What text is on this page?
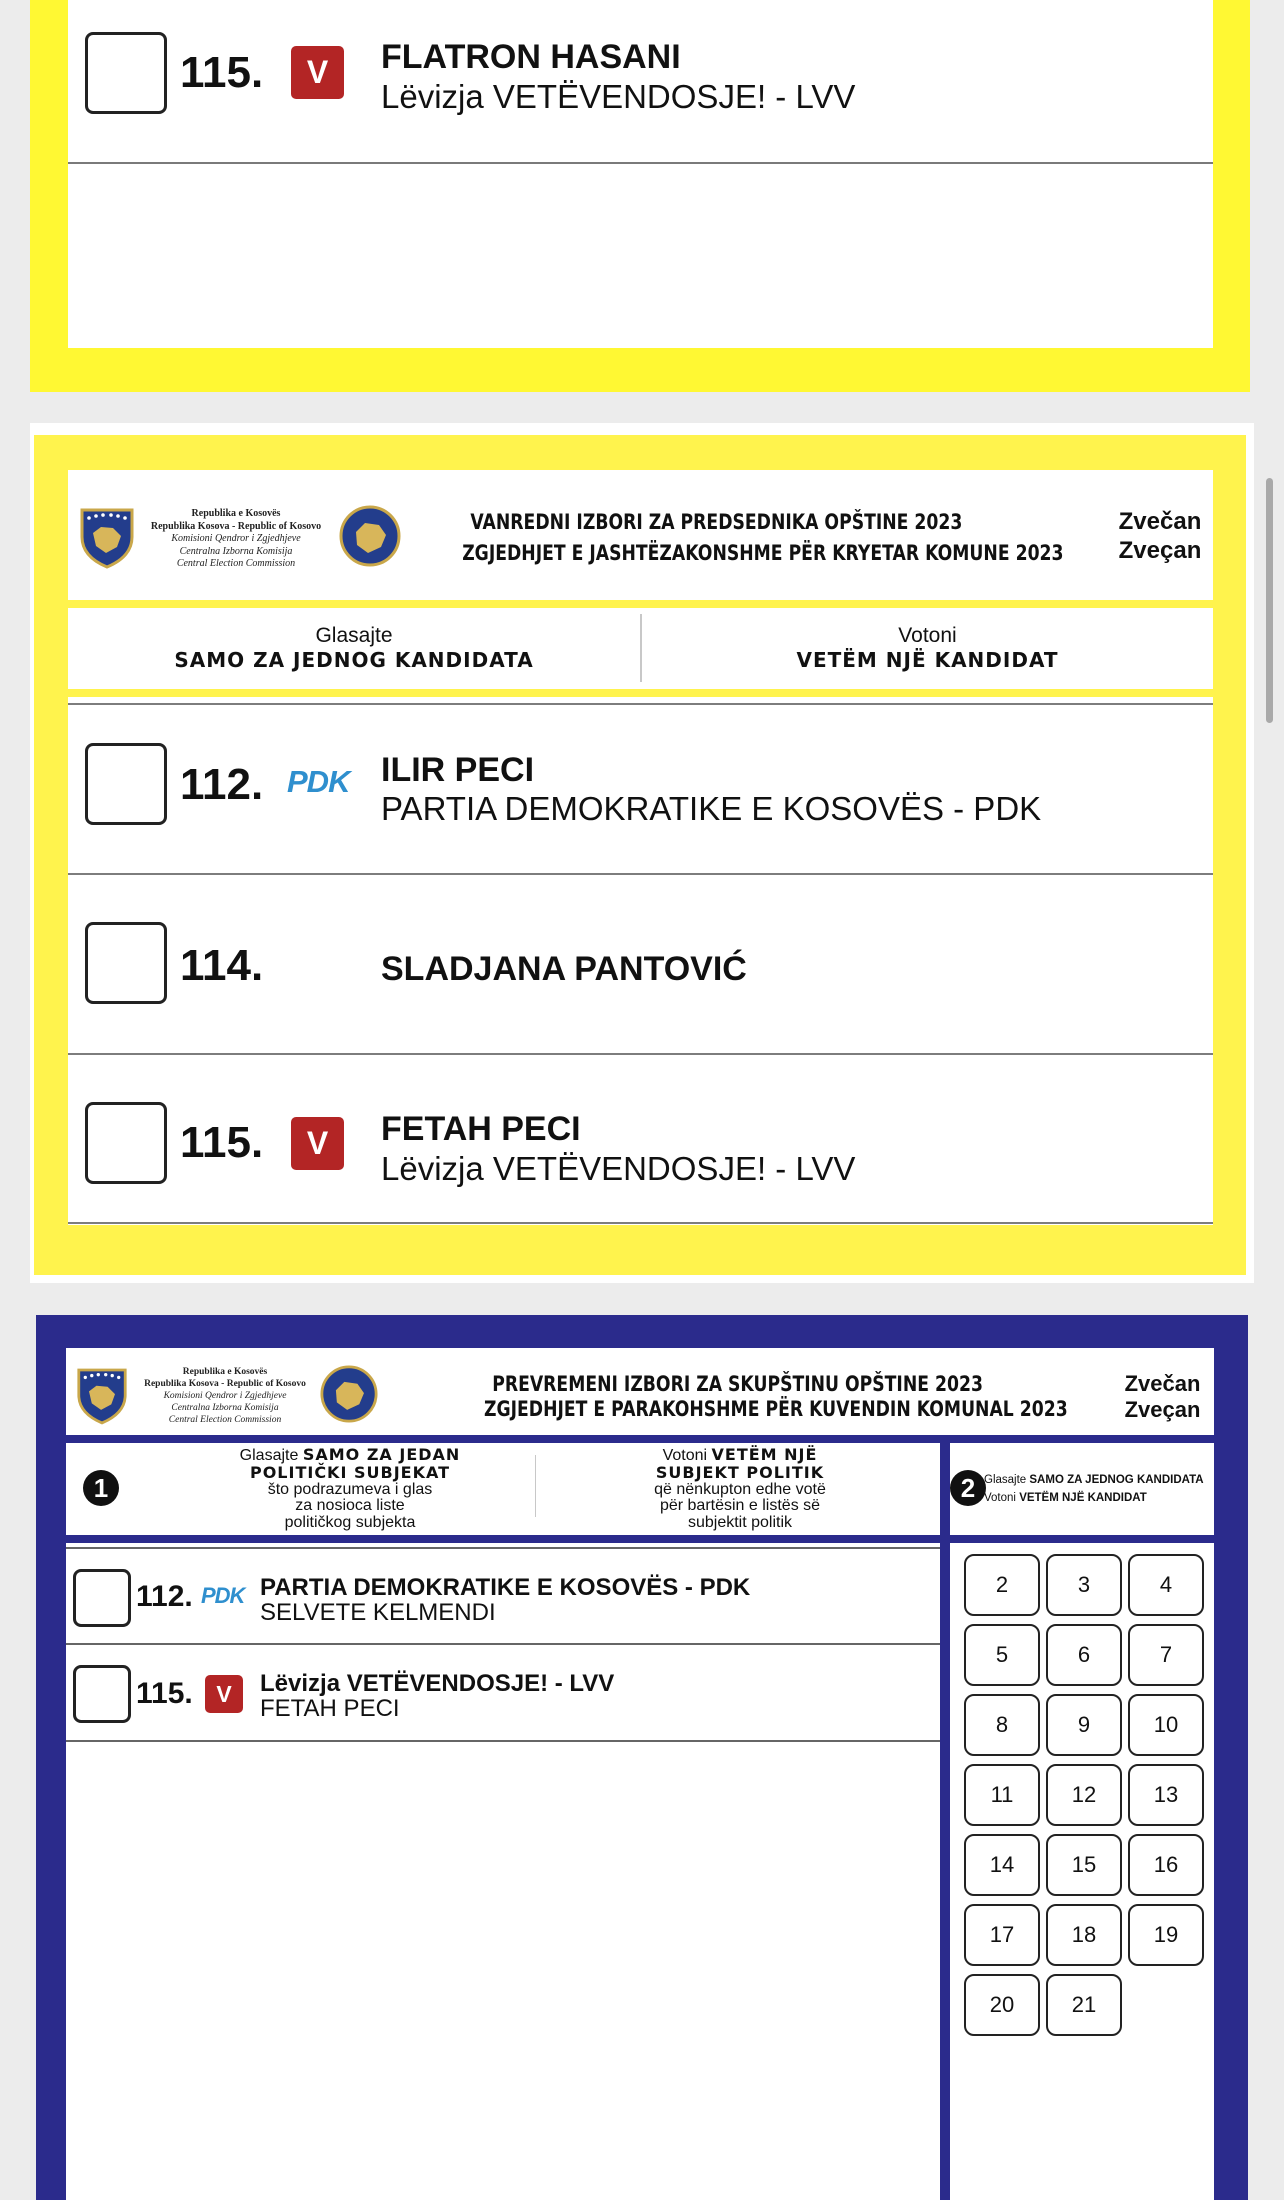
115.	V	FLATRON HASANI
Lëvizja VETËVENDOSJE! - LVV
Republika e Kosovës
Republika Kosova - Republic of Kosovo
Komisioni Qendror i Zgjedhjeve
Centralna Izborna Komisija
Central Election Commission
VANREDNI IZBORI ZA PREDSEDNIKA OPŠTINE 2023
ZGJEDHJET E JASHTËZAKONSHME PËR KRYETAR KOMUNE 2023
Zvečan
Zveçan
Glasajte
SAMO ZA JEDNOG KANDIDATA
Votoni
VETËM NJË KANDIDAT
112. PDK ILIR PECI
PARTIA DEMOKRATIKE E KOSOVËS - PDK
114.	SLADJANA PANTOVIĆ
115.	V	FETAH PECI
Lëvizja VETËVENDOSJE! - LVV
Republika e Kosovës
Republika Kosova - Republic of Kosovo
Komisioni Qendror i Zgjedhjeve
Centralna Izborna Komisija
Central Election Commission
PREVREMENI IZBORI ZA SKUPŠTINU OPŠTINE 2023
ZGJEDHJET E PARAKOHSHME PËR KUVENDIN KOMUNAL 2023
Zvečan
Zveçan
1
Glasajte SAMO ZA JEDAN
POLITIČKI SUBJEKAT
što podrazumeva i glas
za nosioca liste
političkog subjekta
Votoni VETËM NJË
SUBJEKT POLITIK
që nënkupton edhe votë
për bartësin e listës së
subjektit politik
2 Glasajte SAMO ZA JEDNOG KANDIDATA
Votoni VETËM NJË KANDIDAT
112. PDK PARTIA DEMOKRATIKE E KOSOVËS - PDK
SELVETE KELMENDI
115.	V	Lëvizja VETËVENDOSJE! - LVV
FETAH PECI
2	3	4
5	6	7
8	9	10
11	12	13
14	15	16
17	18	19
20	21
